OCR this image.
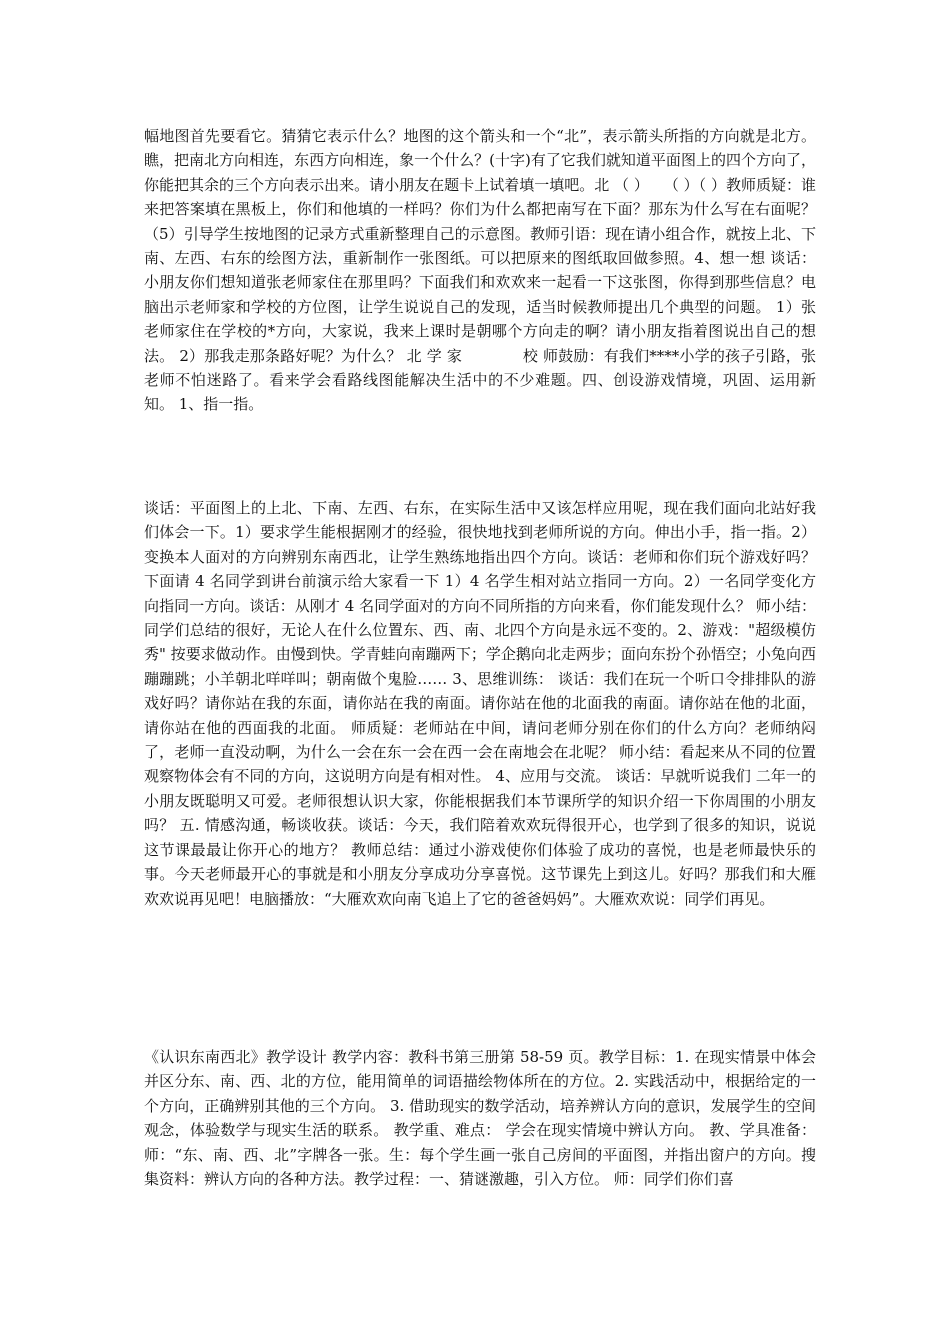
幅地图首先要看它。猜猜它表示什么？地图的这个箭头和一个“北”，表示箭头所指的方向就是北方。瞧，把南北方向相连，东西方向相连，象一个什么？(十字)有了它我们就知道平面图上的四个方向了，你能把其余的三个方向表示出来。请小朋友在题卡上试着填一填吧。北 （ ）　　（ ）（ ）教师质疑：谁来把答案填在黑板上，你们和他填的一样吗？你们为什么都把南写在下面？那东为什么写在右面呢？ （5）引导学生按地图的记录方式重新整理自己的示意图。教师引语：现在请小组合作，就按上北、下南、左西、右东的绘图方法，重新制作一张图纸。可以把原来的图纸取回做参照。4、想一想 谈话：小朋友你们想知道张老师家住在那里吗？下面我们和欢欢来一起看一下这张图，你得到那些信息？电脑出示老师家和学校的方位图，让学生说说自己的发现，适当时候教师提出几个典型的问题。 1）张老师家住在学校的*方向，大家说，我来上课时是朝哪个方向走的啊？请小朋友指着图说出自己的想法。 2）那我走那条路好呢？为什么？ 北 学 家　　　　校 师鼓励：有我们****小学的孩子引路，张老师不怕迷路了。看来学会看路线图能解决生活中的不少难题。四、创设游戏情境，巩固、运用新知。 1、指一指。

谈话：平面图上的上北、下南、左西、右东，在实际生活中又该怎样应用呢，现在我们面向北站好我们体会一下。1）要求学生能根据刚才的经验，很快地找到老师所说的方向。伸出小手，指一指。2）变换本人面对的方向辨别东南西北，让学生熟练地指出四个方向。谈话：老师和你们玩个游戏好吗？下面请 4 名同学到讲台前演示给大家看一下 1）4 名学生相对站立指同一方向。2）一名同学变化方向指同一方向。谈话：从刚才 4 名同学面对的方向不同所指的方向来看，你们能发现什么？ 师小结：同学们总结的很好，无论人在什么位置东、西、南、北四个方向是永远不变的。2、游戏："超级模仿秀" 按要求做动作。由慢到快。学青蛙向南蹦两下；学企鹅向北走两步；面向东扮个孙悟空；小兔向西蹦蹦跳；小羊朝北咩咩叫；朝南做个鬼脸…… 3、思维训练： 谈话：我们在玩一个听口令排排队的游戏好吗？请你站在我的东面，请你站在我的南面。请你站在他的北面我的南面。请你站在他的北面，请你站在他的西面我的北面。 师质疑：老师站在中间，请问老师分别在你们的什么方向？老师纳闷了，老师一直没动啊，为什么一会在东一会在西一会在南地会在北呢？ 师小结：看起来从不同的位置观察物体会有不同的方向，这说明方向是有相对性。 4、应用与交流。 谈话：早就听说我们 二年一的小朋友既聪明又可爱。老师很想认识大家，你能根据我们本节课所学的知识介绍一下你周围的小朋友吗？ 五. 情感沟通，畅谈收获。谈话：今天，我们陪着欢欢玩得很开心，也学到了很多的知识，说说这节课最最让你开心的地方？ 教师总结：通过小游戏使你们体验了成功的喜悦，也是老师最快乐的事。今天老师最开心的事就是和小朋友分享成功分享喜悦。这节课先上到这儿。好吗？那我们和大雁欢欢说再见吧！电脑播放：“大雁欢欢向南飞追上了它的爸爸妈妈”。大雁欢欢说：同学们再见。

《认识东南西北》教学设计 教学内容：教科书第三册第 58-59 页。教学目标：1. 在现实情景中体会并区分东、南、西、北的方位，能用简单的词语描绘物体所在的方位。2. 实践活动中，根据给定的一个方向，正确辨别其他的三个方向。 3. 借助现实的数学活动，培养辨认方向的意识，发展学生的空间观念，体验数学与现实生活的联系。 教学重、难点： 学会在现实情境中辨认方向。 教、学具准备：师：“东、南、西、北”字牌各一张。生：每个学生画一张自己房间的平面图，并指出窗户的方向。搜集资料：辨认方向的各种方法。教学过程：一、猜谜激趣，引入方位。 师：同学们你们喜
